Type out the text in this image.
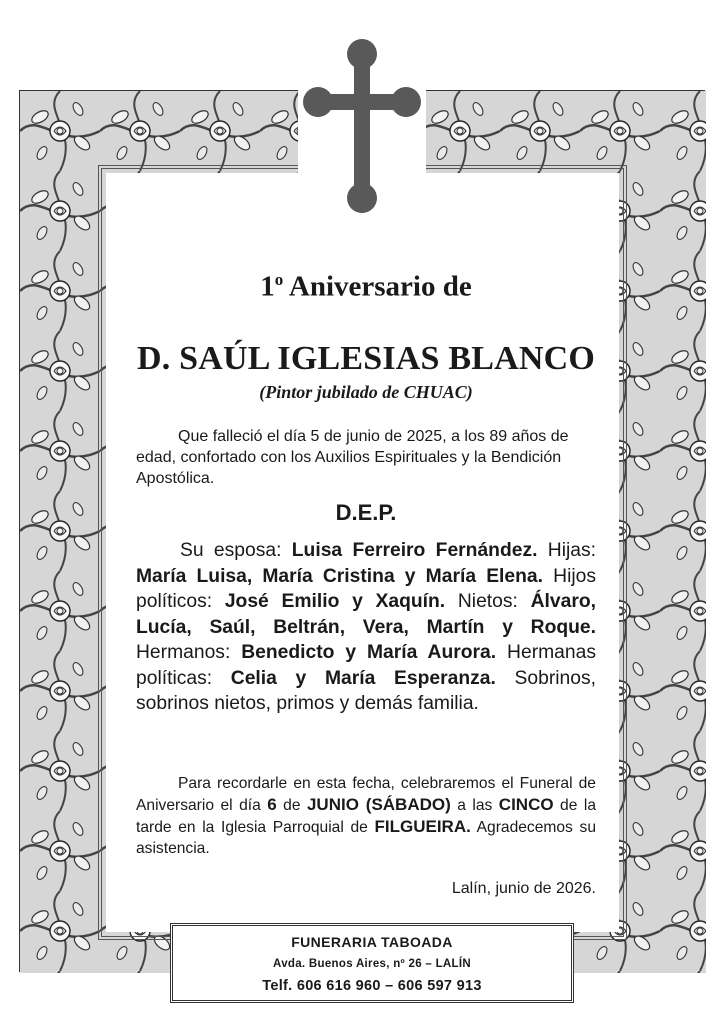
1$^o$ Aniversario de

D. SAÚL IGLESIAS BLANCO

(Pintor jubilado de CHUAC)
Que falleció el día 5 de junio de 2025, a los 89 años de edad, confortado con los Auxilios Espirituales y la Bendición Apostólica.
D.E.P.
Su esposa: Luisa Ferreiro Fernández. Hijas: María Luisa, María Cristina y María Elena. Hijos políticos: José Emilio y Xaquín. Nietos: Álvaro, Lucía, Saúl, Beltrán, Vera, Martín y Roque. Hermanos: Benedicto y María Aurora. Hermanas políticas: Celia y María Esperanza. Sobrinos, sobrinos nietos, primos y demás familia.
Para recordarle en esta fecha, celebraremos el Funeral de Aniversario el día 6 de JUNIO (SÁBADO) a las CINCO de la tarde en la Iglesia Parroquial de FILGUEIRA. Agradecemos su asistencia.
Lalín, junio de 2026.
FUNERARIA TABOADA
Avda. Buenos Aires, nº 26 – LALÍN
Telf. 606 616 960 – 606 597 913
